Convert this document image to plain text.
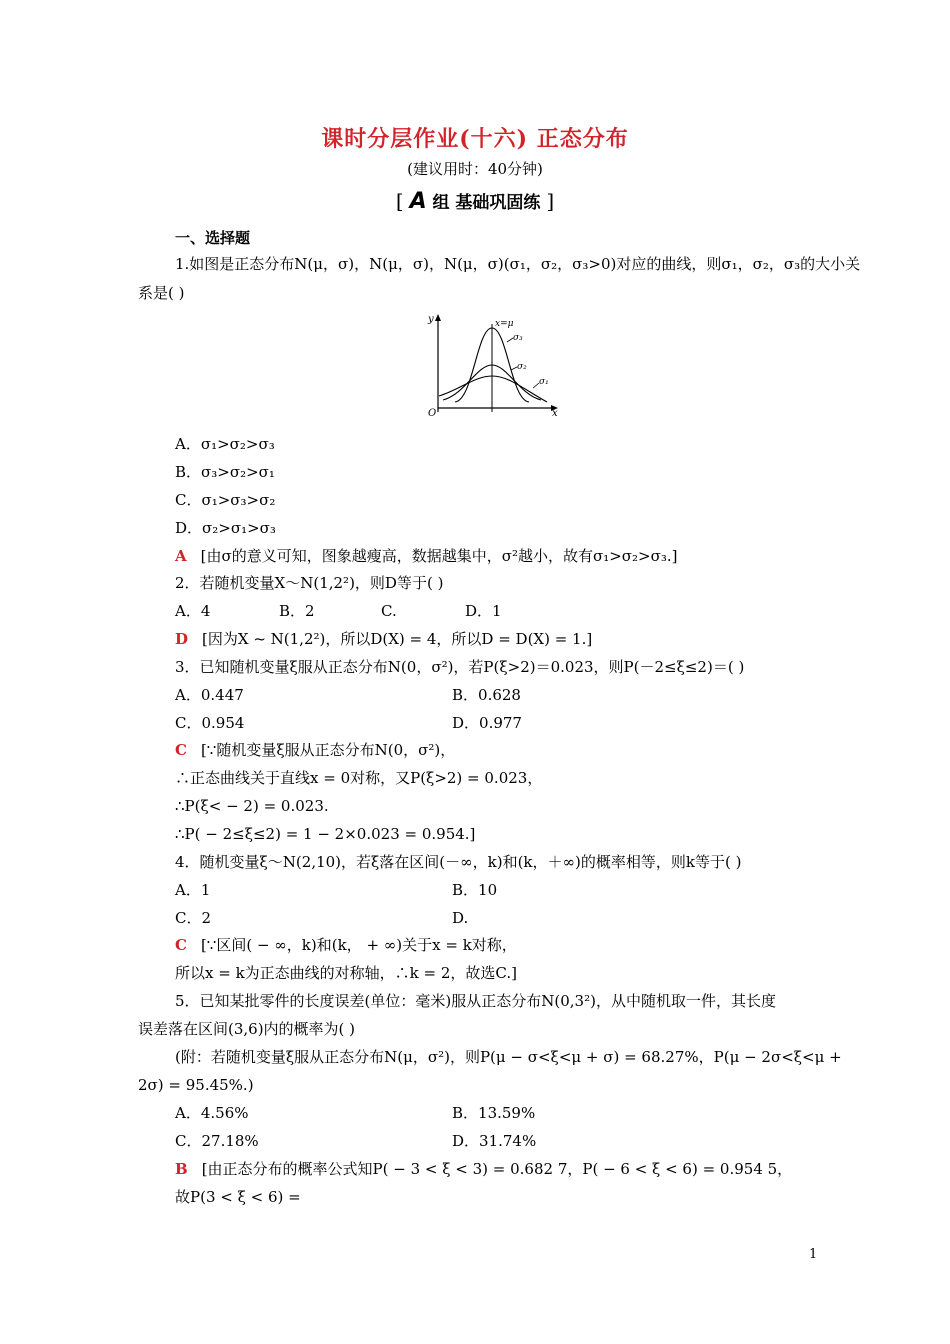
课时分层作业(十六) 正态分布
(建议用时：40分钟)
[ A 组 基础巩固练 ]
一、选择题
1.如图是正态分布N(μ，σ)，N(μ，σ)，N(μ，σ)(σ₁，σ₂，σ₃>0)对应的曲线，则σ₁，σ₂，σ₃的大小关
系是( )
y
x
O
x=μ
σ₃
σ₂
σ₁
A．σ₁>σ₂>σ₃
B．σ₃>σ₂>σ₁
C．σ₁>σ₃>σ₂
D．σ₂>σ₁>σ₃
A [由σ的意义可知，图象越瘦高，数据越集中，σ²越小，故有σ₁>σ₂>σ₃.]
2．若随机变量X～N(1,2²)，则D等于( )
A．4	B．2	C.	D．1
D [因为X ~ N(1,2²)，所以D(X) = 4，所以D = D(X) = 1.]
3．已知随机变量ξ服从正态分布N(0，σ²)，若P(ξ>2)＝0.023，则P(－2≤ξ≤2)＝( )
A．0.447	B．0.628
C．0.954	D．0.977
C [∵随机变量ξ服从正态分布N(0，σ²)，
∴正态曲线关于直线x = 0对称，又P(ξ>2) = 0.023，
∴P(ξ< − 2) = 0.023.
∴P( − 2≤ξ≤2) = 1 − 2×0.023 = 0.954.]
4．随机变量ξ～N(2,10)，若ξ落在区间(－∞，k)和(k，＋∞)的概率相等，则k等于( )
A．1	B．10
C．2	D.
C [∵区间( − ∞，k)和(k， + ∞)关于x = k对称，
所以x = k为正态曲线的对称轴，∴k = 2，故选C.]
5．已知某批零件的长度误差(单位：毫米)服从正态分布N(0,3²)，从中随机取一件，其长度
误差落在区间(3,6)内的概率为( )
(附：若随机变量ξ服从正态分布N(μ，σ²)，则P(μ − σ<ξ<μ + σ) = 68.27%，P(μ − 2σ<ξ<μ +
2σ) = 95.45%.)
A．4.56%	B．13.59%
C．27.18%	D．31.74%
B [由正态分布的概率公式知P( − 3 < ξ < 3) = 0.682 7，P( − 6 < ξ < 6) = 0.954 5，
故P(3 < ξ < 6) =
1
